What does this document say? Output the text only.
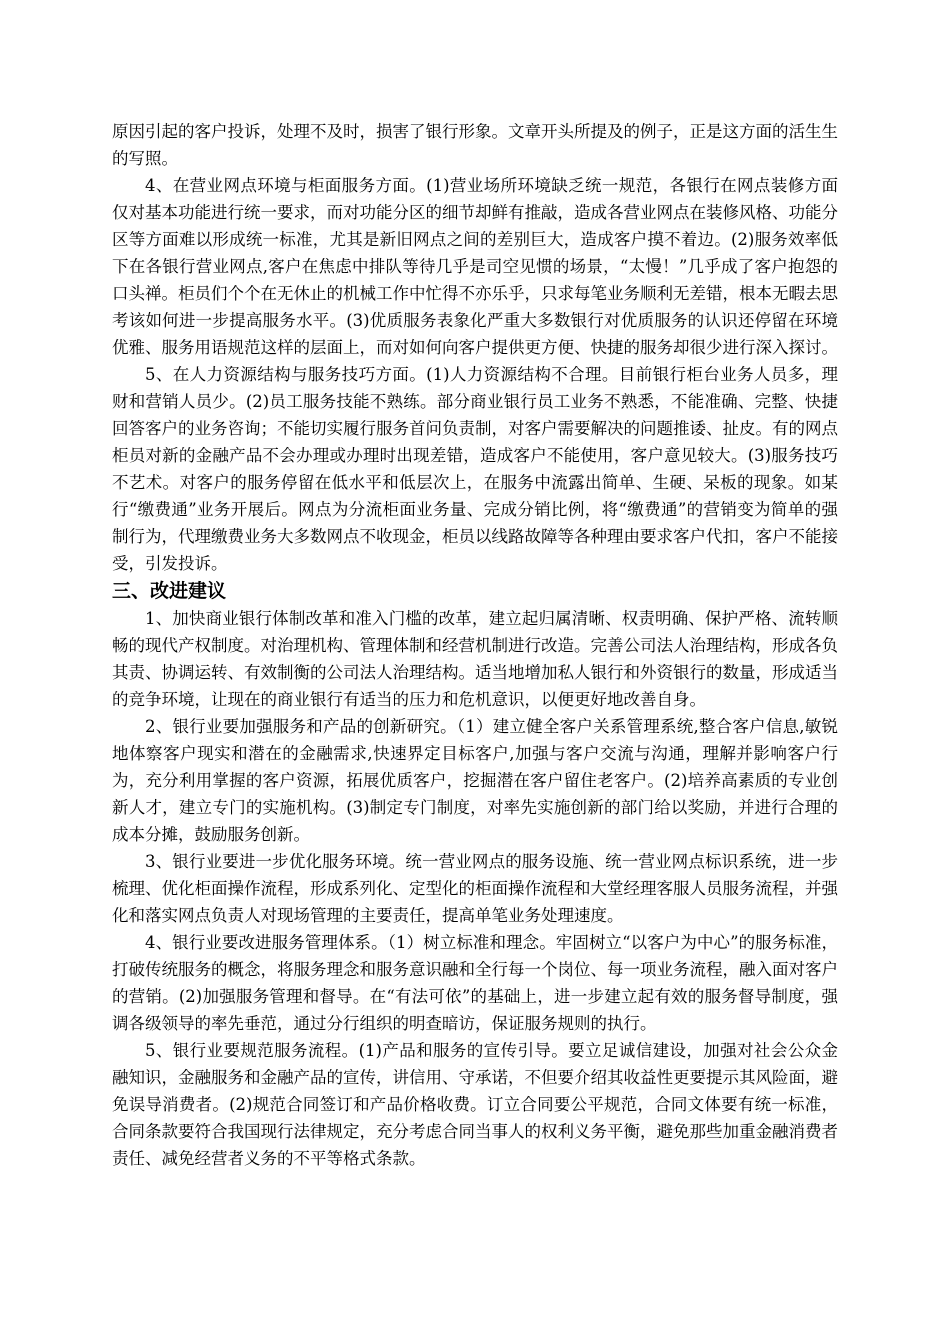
原因引起的客户投诉，处理不及时，损害了银行形象。文章开头所提及的例子，正是这方面的活生生的写照。

4、在营业网点环境与柜面服务方面。(1)营业场所环境缺乏统一规范，各银行在网点装修方面仅对基本功能进行统一要求，而对功能分区的细节却鲜有推敲，造成各营业网点在装修风格、功能分区等方面难以形成统一标准，尤其是新旧网点之间的差别巨大，造成客户摸不着边。(2)服务效率低下在各银行营业网点,客户在焦虑中排队等待几乎是司空见惯的场景，“太慢！”几乎成了客户抱怨的口头禅。柜员们个个在无休止的机械工作中忙得不亦乐乎，只求每笔业务顺利无差错，根本无暇去思考该如何进一步提高服务水平。(3)优质服务表象化严重大多数银行对优质服务的认识还停留在环境优雅、服务用语规范这样的层面上，而对如何向客户提供更方便、快捷的服务却很少进行深入探讨。

5、在人力资源结构与服务技巧方面。(1)人力资源结构不合理。目前银行柜台业务人员多，理财和营销人员少。(2)员工服务技能不熟练。部分商业银行员工业务不熟悉，不能准确、完整、快捷回答客户的业务咨询；不能切实履行服务首问负责制，对客户需要解决的问题推诿、扯皮。有的网点柜员对新的金融产品不会办理或办理时出现差错，造成客户不能使用，客户意见较大。(3)服务技巧不艺术。对客户的服务停留在低水平和低层次上，在服务中流露出简单、生硬、呆板的现象。如某行“缴费通”业务开展后。网点为分流柜面业务量、完成分销比例，将“缴费通”的营销变为简单的强制行为，代理缴费业务大多数网点不收现金，柜员以线路故障等各种理由要求客户代扣，客户不能接受，引发投诉。

三、改进建议

1、加快商业银行体制改革和准入门槛的改革，建立起归属清晰、权责明确、保护严格、流转顺畅的现代产权制度。对治理机构、管理体制和经营机制进行改造。完善公司法人治理结构，形成各负其责、协调运转、有效制衡的公司法人治理结构。适当地增加私人银行和外资银行的数量，形成适当的竞争环境，让现在的商业银行有适当的压力和危机意识，以便更好地改善自身。

2、银行业要加强服务和产品的创新研究。（1）建立健全客户关系管理系统,整合客户信息,敏锐地体察客户现实和潜在的金融需求,快速界定目标客户,加强与客户交流与沟通，理解并影响客户行为，充分利用掌握的客户资源，拓展优质客户，挖掘潜在客户留住老客户。(2)培养高素质的专业创新人才，建立专门的实施机构。(3)制定专门制度，对率先实施创新的部门给以奖励，并进行合理的成本分摊，鼓励服务创新。

3、银行业要进一步优化服务环境。统一营业网点的服务设施、统一营业网点标识系统，进一步梳理、优化柜面操作流程，形成系列化、定型化的柜面操作流程和大堂经理客服人员服务流程，并强化和落实网点负责人对现场管理的主要责任，提高单笔业务处理速度。

4、银行业要改进服务管理体系。（1）树立标准和理念。牢固树立“以客户为中心”的服务标准，打破传统服务的概念，将服务理念和服务意识融和全行每一个岗位、每一项业务流程，融入面对客户的营销。(2)加强服务管理和督导。在“有法可依”的基础上，进一步建立起有效的服务督导制度，强调各级领导的率先垂范，通过分行组织的明查暗访，保证服务规则的执行。

5、银行业要规范服务流程。(1)产品和服务的宣传引导。要立足诚信建设，加强对社会公众金融知识，金融服务和金融产品的宣传，讲信用、守承诺，不但要介绍其收益性更要提示其风险面，避免误导消费者。(2)规范合同签订和产品价格收费。订立合同要公平规范，合同文体要有统一标准，合同条款要符合我国现行法律规定，充分考虑合同当事人的权利义务平衡，避免那些加重金融消费者责任、减免经营者义务的不平等格式条款。
